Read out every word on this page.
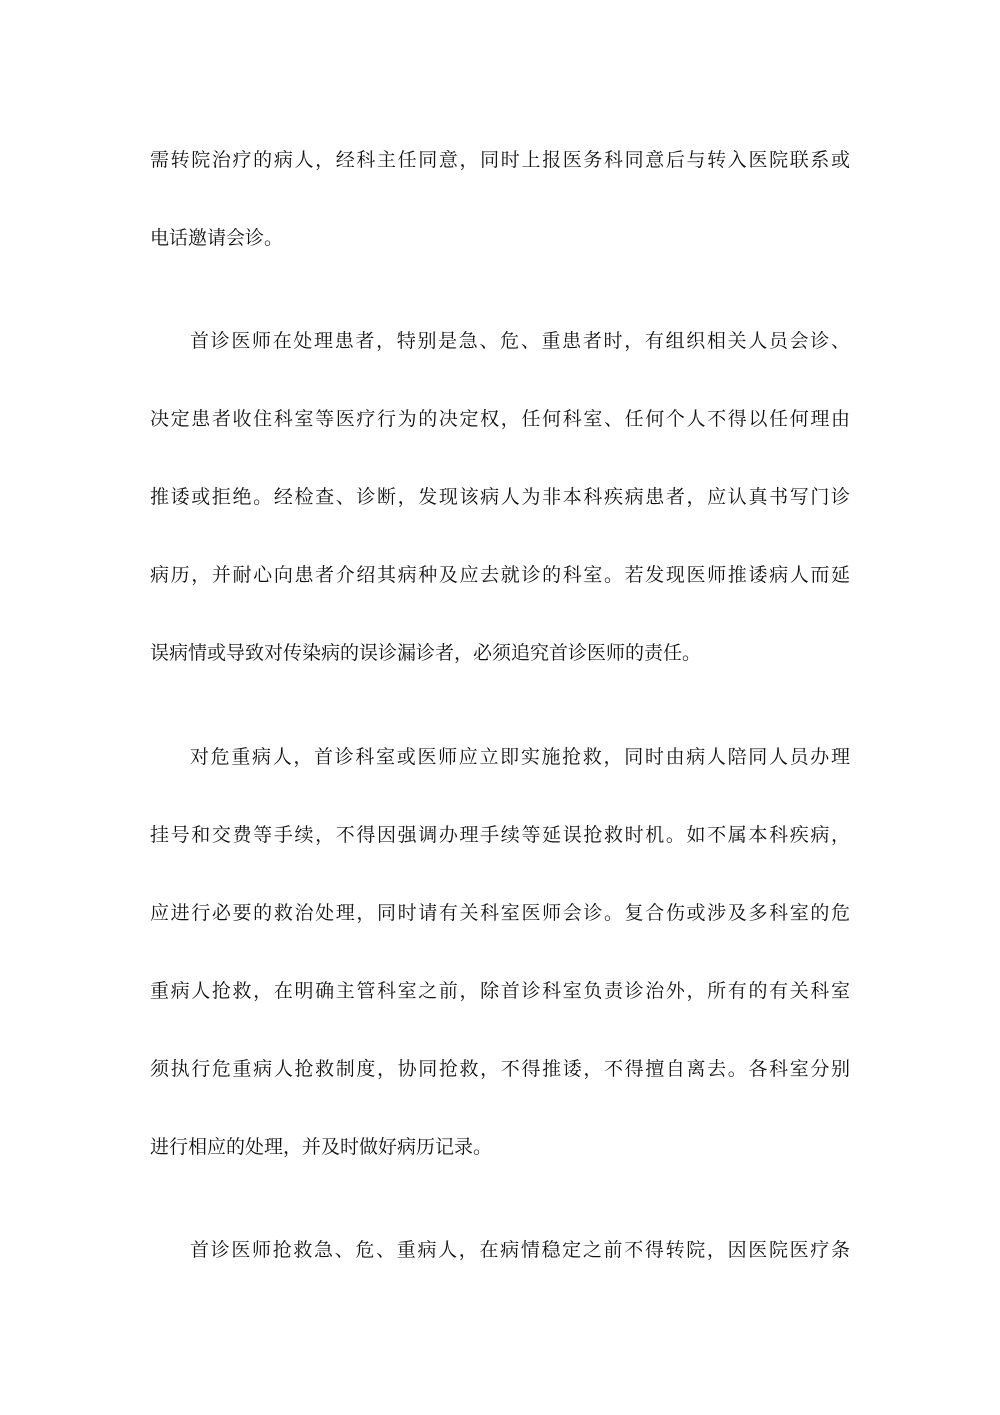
需转院治疗的病人，经科主任同意，同时上报医务科同意后与转入医院联系或

电话邀请会诊。

首诊医师在处理患者，特别是急、危、重患者时，有组织相关人员会诊、

决定患者收住科室等医疗行为的决定权，任何科室、任何个人不得以任何理由

推诿或拒绝。经检查、诊断，发现该病人为非本科疾病患者，应认真书写门诊

病历，并耐心向患者介绍其病种及应去就诊的科室。若发现医师推诿病人而延

误病情或导致对传染病的误诊漏诊者，必须追究首诊医师的责任。

对危重病人，首诊科室或医师应立即实施抢救，同时由病人陪同人员办理

挂号和交费等手续，不得因强调办理手续等延误抢救时机。如不属本科疾病，

应进行必要的救治处理，同时请有关科室医师会诊。复合伤或涉及多科室的危

重病人抢救，在明确主管科室之前，除首诊科室负责诊治外，所有的有关科室

须执行危重病人抢救制度，协同抢救，不得推诿，不得擅自离去。各科室分别

进行相应的处理，并及时做好病历记录。

首诊医师抢救急、危、重病人，在病情稳定之前不得转院，因医院医疗条
